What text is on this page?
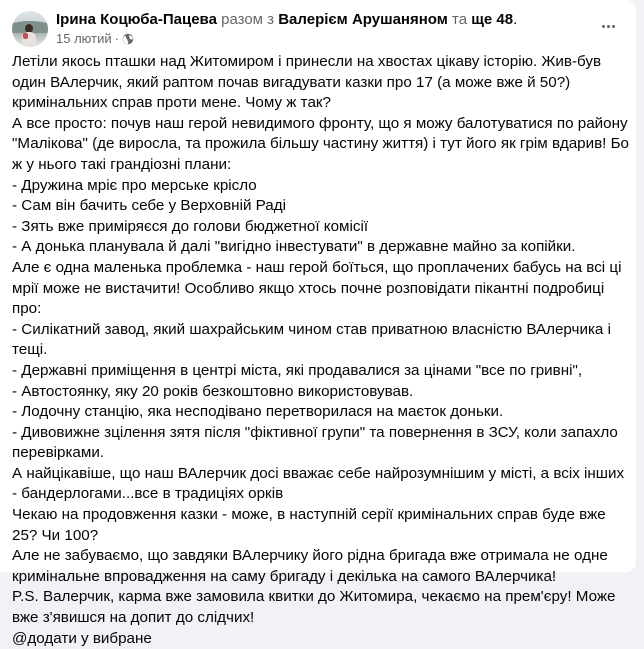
Ірина Коцюба-Пацева разом з Валерієм Арушаняном та ще 48.
15 лютий ·

Летіли якось пташки над Житомиром і принесли на хвостах цікаву історію. Жив-був один ВАлерчик, який раптом почав вигадувати казки про 17 (а може вже й 50?) кримінальних справ проти мене. Чому ж так?

А все просто: почув наш герой невидимого фронту, що я можу балотуватися по району "Малікова" (де виросла, та прожила більшу частину життя) і тут його як грім вдарив! Бо ж у нього такі грандіозні плани:

- Дружина мріє про мерське крісло

- Сам він бачить себе у Верховній Раді

- Зять вже приміряєся до голови бюджетної комісії

- А донька планувала й далі "вигідно інвестувати" в державне майно за копійки.

Але є одна маленька проблемка - наш герой боїться, що проплачених бабусь на всі ці мрії може не вистачити! Особливо якщо хтось почне розповідати пікантні подробиці про:

- Силікатний завод, який шахрайським чином став приватною власністю ВАлерчика і тещі.

- Державні приміщення в центрі міста, які продавалися за цінами "все по гривні",

- Автостоянку, яку 20 років безкоштовно використовував.

- Лодочну станцію, яка несподівано перетворилася на маєток доньки.

- Дивовижне зцілення зятя після "фіктивної групи" та повернення в ЗСУ, коли запахло перевірками.

А найцікавіше, що наш ВАлерчик досі вважає себе найрозумнішим у місті, а всіх інших - бандерлогами...все в традиціях орків

Чекаю на продовження казки - може, в наступній серії кримінальних справ буде вже 25? Чи 100?

Але не забуваємо, що завдяки ВАлерчику його рідна бригада вже отримала не одне кримінальне впровадження на саму бригаду і декілька на самого ВАлерчика!

P.S. Валерчик, карма вже замовила квитки до Житомира, чекаємо на прем'єру! Може вже з'явишся на допит до слідчих!

@додати у вибране
